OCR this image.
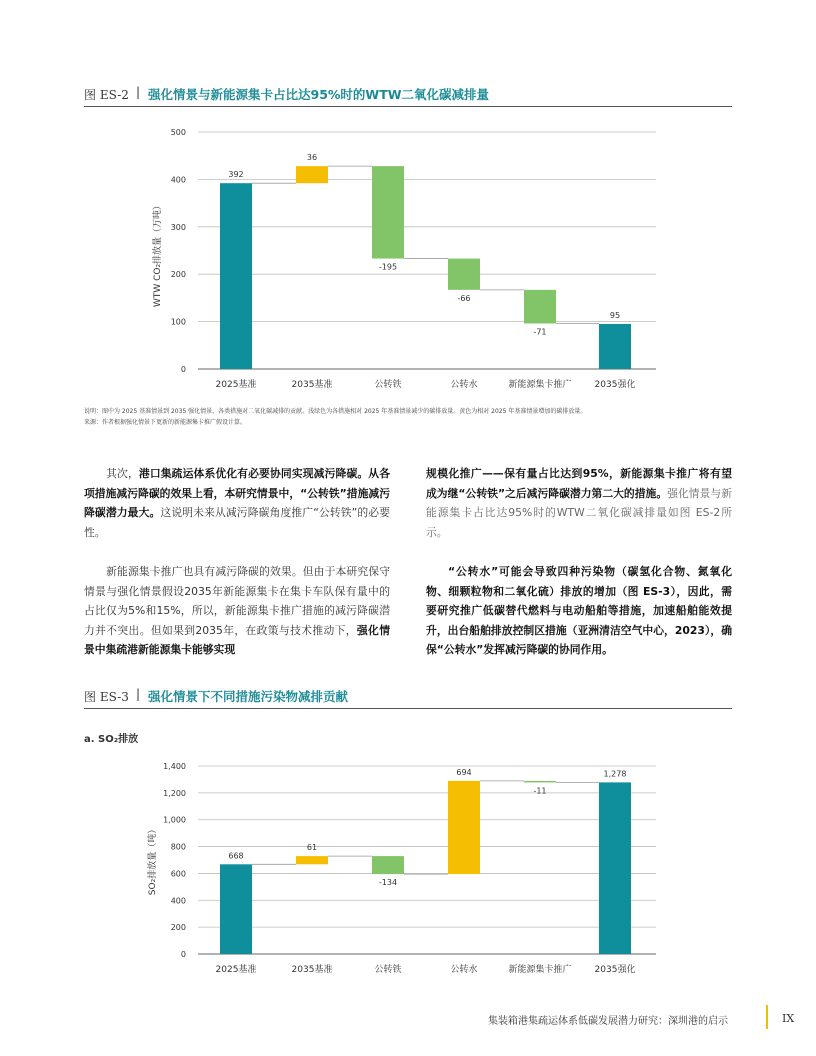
图 ES-2 | 强化情景与新能源集卡占比达95%时的WTW二氧化碳减排量
0
100
200
300
400
500
WTW CO₂排放量（万吨）
392
2025基准
36
2035基准
-195
公转铁
-66
公转水
-71
新能源集卡推广
95
2035强化
说明：图中为 2025 基准情景到 2035 强化情景，各类措施对二氧化碳减排的贡献。浅绿色为各措施相对 2025 年基准情景减少的碳排放量。黄色为相对 2025 年基准情景增加的碳排放量。
来源：作者根据强化情景下更新的新能源集卡推广假设计算。

其次，港口集疏运体系优化有必要协同实现减污降碳。从各项措施减污降碳的效果上看，本研究情景中，“公转铁”措施减污降碳潜力最大。这说明未来从减污降碳角度推广“公转铁”的必要性。

新能源集卡推广也具有减污降碳的效果。但由于本研究保守情景与强化情景假设2035年新能源集卡在集卡车队保有量中的占比仅为5%和15%，所以，新能源集卡推广措施的减污降碳潜力并不突出。但如果到2035年，在政策与技术推动下，强化情景中集疏港新能源集卡能够实现

规模化推广——保有量占比达到95%，新能源集卡推广将有望成为继“公转铁”之后减污降碳潜力第二大的措施。强化情景与新能源集卡占比达95%时的WTW二氧化碳减排量如图 ES-2所示。

“公转水”可能会导致四种污染物（碳氢化合物、氮氧化物、细颗粒物和二氧化硫）排放的增加（图 ES-3），因此，需要研究推广低碳替代燃料与电动船舶等措施，加速船舶能效提升，出台船舶排放控制区措施（亚洲清洁空气中心，2023），确保“公转水”发挥减污降碳的协同作用。

图 ES-3 | 强化情景下不同措施污染物减排贡献
a. SO₂排放
0
200
400
600
800
1,000
1,200
1,400
SO₂排放量（吨）	668
2025基准
61
2035基准
-134
公转铁
694
公转水
-11
新能源集卡推广
1,278
2035强化
集装箱港集疏运体系低碳发展潜力研究：深圳港的启示	IX
